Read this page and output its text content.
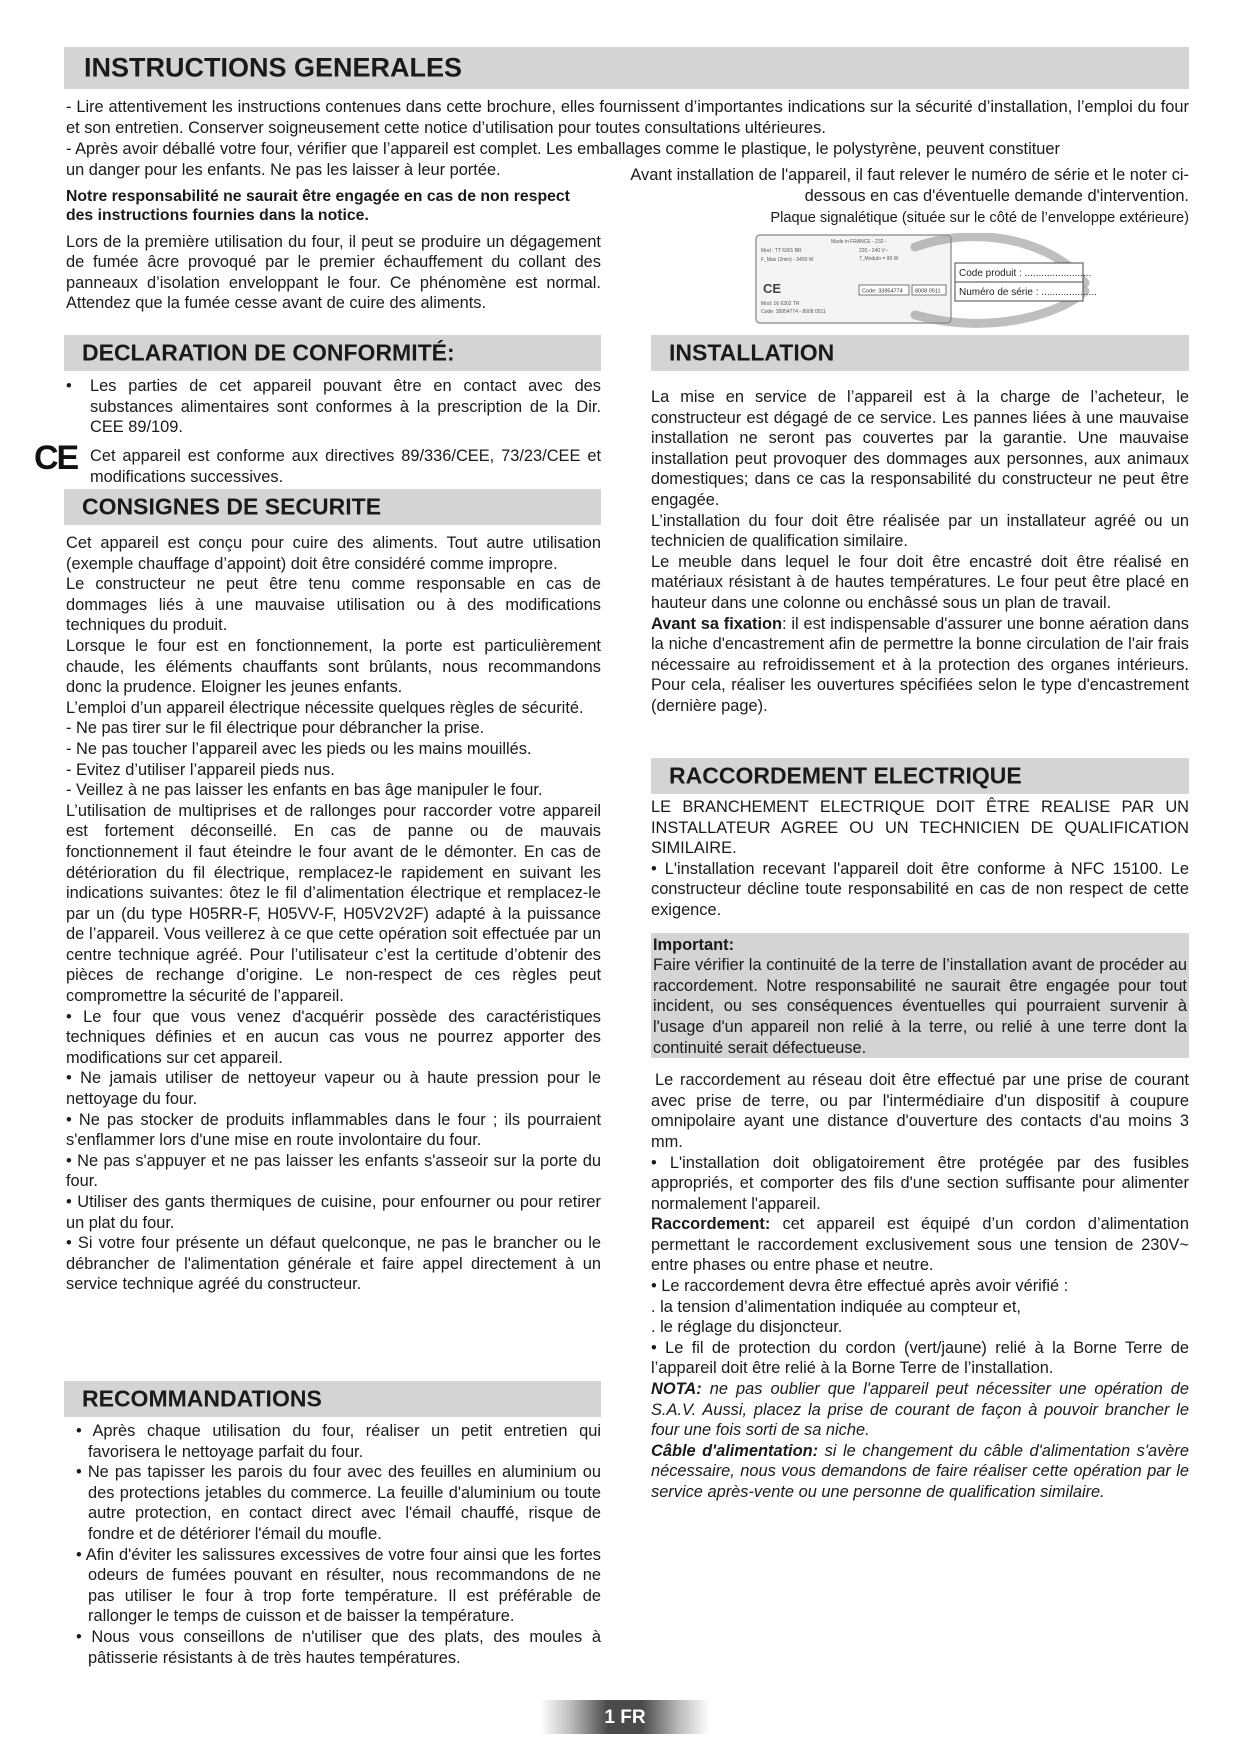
INSTRUCTIONS GENERALES

- Lire attentivement les instructions contenues dans cette brochure, elles fournissent d’importantes indications sur la sécurité d’installation, l’emploi du four et son entretien. Conserver soigneusement cette notice d’utilisation pour toutes consultations ultérieures.

- Après avoir déballé votre four, vérifier que l’appareil est complet. Les emballages comme le plastique, le polystyrène, peuvent constituer

un danger pour les enfants. Ne pas les laisser à leur portée.

Notre responsabilité ne saurait être engagée en cas de non respect des instructions fournies dans la notice.

Lors de la première utilisation du four, il peut se produire un dégagement de fumée âcre provoqué par le premier échauffement du collant des panneaux d’isolation enveloppant le four. Ce phénomène est normal. Attendez que la fumée cesse avant de cuire des aliments.

Avant installation de l'appareil, il faut relever le numéro de série et le noter ci-dessous en cas d'éventuelle demande d'intervention.

Plaque signalétique (située sur le côté de l’enveloppe extérieure)

Made in FRANCE - 232 -
Mod : TT 6301 BR	220 - 240 V~
F_Max (2min) - 3450 W	7_Modulo = 90 W
CE	Code: 33954774 8008 0511
Mod: 16 6302 TR
Code: 39954774 - 8008 0511
Code produit : ........................
Numéro de série : ....................
DECLARATION DE CONFORMITÉ:

• Les parties de cet appareil pouvant être en contact avec des substances alimentaires sont conformes à la prescription de la Dir. CEE 89/109.

CE Cet appareil est conforme aux directives 89/336/CEE, 73/23/CEE et modifications successives.
CONSIGNES DE SECURITE

Cet appareil est conçu pour cuire des aliments. Tout autre utilisation (exemple chauffage d’appoint) doit être considéré comme impropre.

Le constructeur ne peut être tenu comme responsable en cas de dommages liés à une mauvaise utilisation ou à des modifications techniques du produit.

Lorsque le four est en fonctionnement, la porte est particulièrement chaude, les éléments chauffants sont brûlants, nous recommandons donc la prudence. Eloigner les jeunes enfants.

L’emploi d’un appareil électrique nécessite quelques règles de sécurité.

- Ne pas tirer sur le fil électrique pour débrancher la prise.

- Ne pas toucher l’appareil avec les pieds ou les mains mouillés.

- Evitez d’utiliser l’appareil pieds nus.

- Veillez à ne pas laisser les enfants en bas âge manipuler le four.

L’utilisation de multiprises et de rallonges pour raccorder votre appareil est fortement déconseillé. En cas de panne ou de mauvais fonctionnement il faut éteindre le four avant de le démonter. En cas de détérioration du fil électrique, remplacez-le rapidement en suivant les indications suivantes: ôtez le fil d’alimentation électrique et remplacez-le par un (du type H05RR-F, H05VV-F, H05V2V2F) adapté à la puissance de l’appareil. Vous veillerez à ce que cette opération soit effectuée par un centre technique agréé. Pour l’utilisateur c’est la certitude d’obtenir des pièces de rechange d’origine. Le non-respect de ces règles peut compromettre la sécurité de l’appareil.

• Le four que vous venez d'acquérir possède des caractéristiques techniques définies et en aucun cas vous ne pourrez apporter des modifications sur cet appareil.

• Ne jamais utiliser de nettoyeur vapeur ou à haute pression pour le nettoyage du four.

• Ne pas stocker de produits inflammables dans le four ; ils pourraient s'enflammer lors d'une mise en route involontaire du four.

• Ne pas s'appuyer et ne pas laisser les enfants s'asseoir sur la porte du four.

• Utiliser des gants thermiques de cuisine, pour enfourner ou pour retirer un plat du four.

• Si votre four présente un défaut quelconque, ne pas le brancher ou le débrancher de l'alimentation générale et faire appel directement à un service technique agréé du constructeur.

RECOMMANDATIONS

• Après chaque utilisation du four, réaliser un petit entretien qui favorisera le nettoyage parfait du four.

• Ne pas tapisser les parois du four avec des feuilles en aluminium ou des protections jetables du commerce. La feuille d'aluminium ou toute autre protection, en contact direct avec l'émail chauffé, risque de fondre et de détériorer l'émail du moufle.

• Afin d'éviter les salissures excessives de votre four ainsi que les fortes odeurs de fumées pouvant en résulter, nous recommandons de ne pas utiliser le four à trop forte température. Il est préférable de rallonger le temps de cuisson et de baisser la température.

• Nous vous conseillons de n'utiliser que des plats, des moules à pâtisserie résistants à de très hautes températures.

INSTALLATION

La mise en service de l’appareil est à la charge de l’acheteur, le constructeur est dégagé de ce service. Les pannes liées à une mauvaise installation ne seront pas couvertes par la garantie. Une mauvaise installation peut provoquer des dommages aux personnes, aux animaux domestiques; dans ce cas la responsabilité du constructeur ne peut être engagée.

L’installation du four doit être réalisée par un installateur agréé ou un technicien de qualification similaire.

Le meuble dans lequel le four doit être encastré doit être réalisé en matériaux résistant à de hautes températures. Le four peut être placé en hauteur dans une colonne ou enchâssé sous un plan de travail.

Avant sa fixation: il est indispensable d'assurer une bonne aération dans la niche d'encastrement afin de permettre la bonne circulation de l'air frais nécessaire au refroidissement et à la protection des organes intérieurs. Pour cela, réaliser les ouvertures spécifiées selon le type d'encastrement (dernière page).

RACCORDEMENT ELECTRIQUE

LE BRANCHEMENT ELECTRIQUE DOIT ÊTRE REALISE PAR UN INSTALLATEUR AGREE OU UN TECHNICIEN DE QUALIFICATION SIMILAIRE.

• L'installation recevant l'appareil doit être conforme à NFC 15100. Le constructeur décline toute responsabilité en cas de non respect de cette exigence.

Important:

Faire vérifier la continuité de la terre de l’installation avant de procéder au raccordement. Notre responsabilité ne saurait être engagée pour tout incident, ou ses conséquences éventuelles qui pourraient survenir à l'usage d'un appareil non relié à la terre, ou relié à une terre dont la continuité serait défectueuse.

Le raccordement au réseau doit être effectué par une prise de courant avec prise de terre, ou par l'intermédiaire d'un dispositif à coupure omnipolaire ayant une distance d'ouverture des contacts d'au moins 3 mm.

• L'installation doit obligatoirement être protégée par des fusibles appropriés, et comporter des fils d'une section suffisante pour alimenter normalement l'appareil.

Raccordement: cet appareil est équipé d’un cordon d’alimentation permettant le raccordement exclusivement sous une tension de 230V~ entre phases ou entre phase et neutre.

• Le raccordement devra être effectué après avoir vérifié :

. la tension d’alimentation indiquée au compteur et,

. le réglage du disjoncteur.

• Le fil de protection du cordon (vert/jaune) relié à la Borne Terre de l’appareil doit être relié à la Borne Terre de l’installation.

NOTA: ne pas oublier que l'appareil peut nécessiter une opération de S.A.V. Aussi, placez la prise de courant de façon à pouvoir brancher le four une fois sorti de sa niche.

Câble d'alimentation: si le changement du câble d'alimentation s'avère nécessaire, nous vous demandons de faire réaliser cette opération par le service après-vente ou une personne de qualification similaire.

1 FR
